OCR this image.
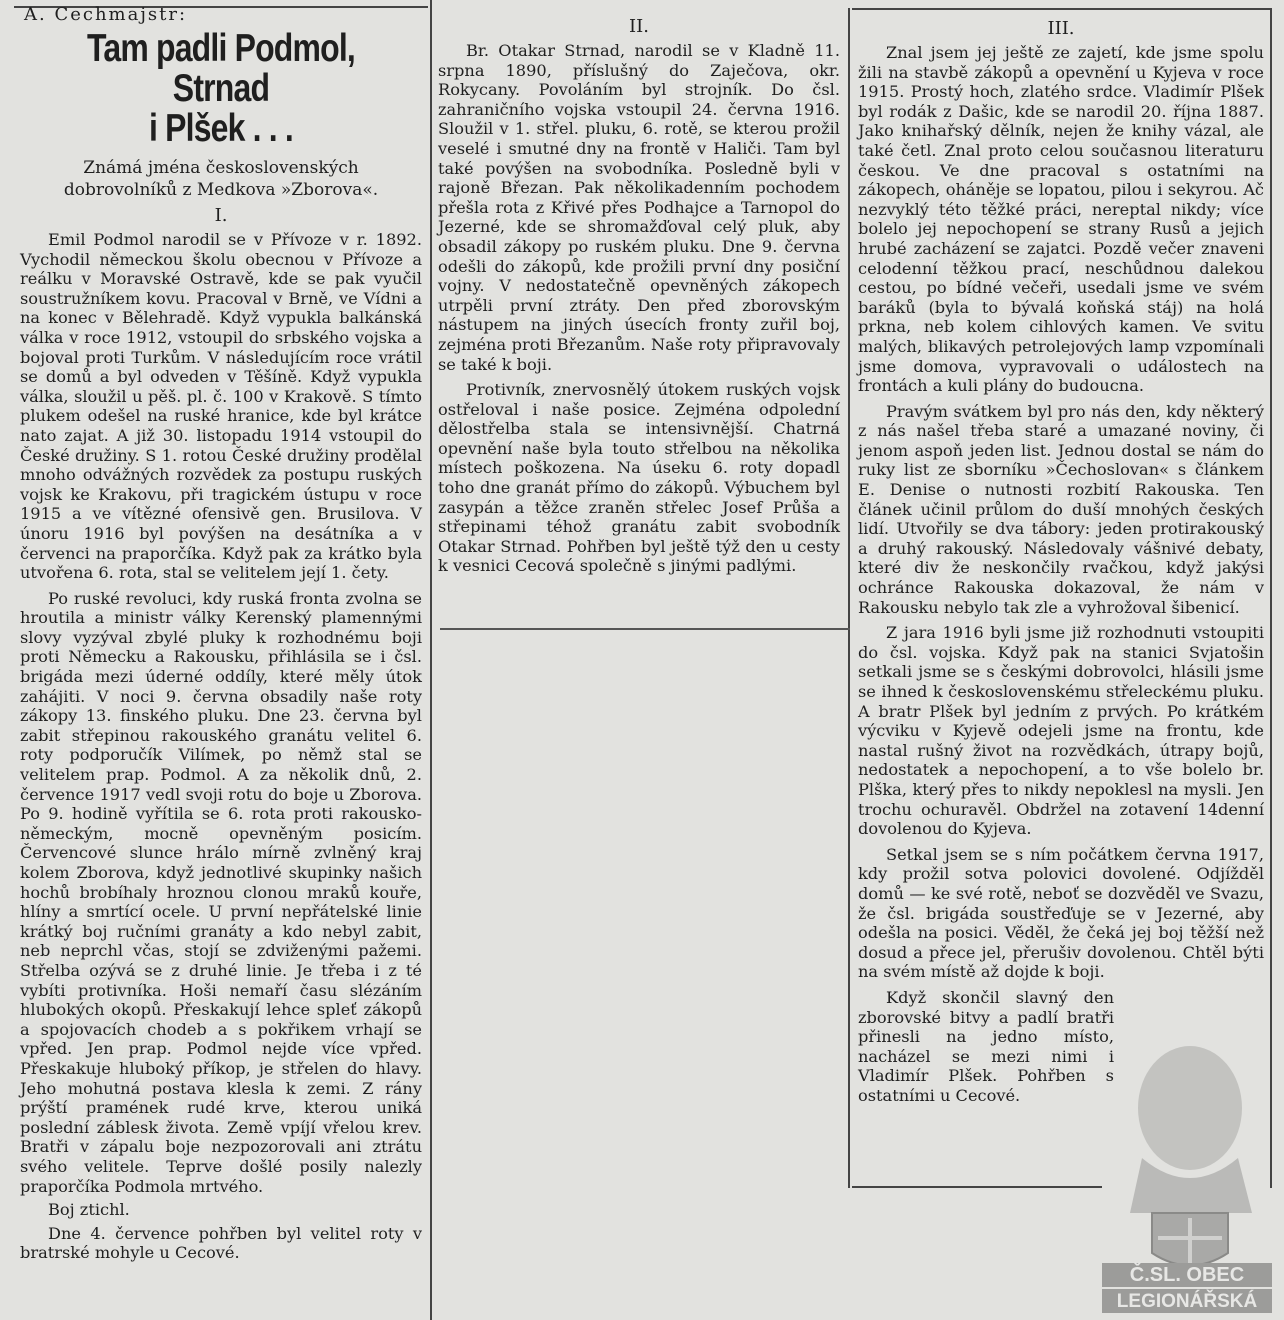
A. Cechmajstr:
Tam padli Podmol, Strnad
i Plšek . . .
Známá jména československých dobrovolníků z Medkova »Zborova«.
I.

Emil Podmol narodil se v Přívoze v r. 1892. Vychodil německou školu obecnou v Přívoze a reálku v Moravské Ostravě, kde se pak vyučil soustružníkem kovu. Pracoval v Brně, ve Vídni a na konec v Bělehradě. Když vypukla balkánská válka v roce 1912, vstoupil do srbského vojska a bojoval proti Turkům. V následujícím roce vrátil se domů a byl odveden v Těšíně. Když vypukla válka, sloužil u pěš. pl. č. 100 v Krakově. S tímto plukem odešel na ruské hranice, kde byl krátce nato zajat. A již 30. listopadu 1914 vstoupil do České družiny. S 1. rotou České družiny prodělal mnoho odvážných rozvědek za postupu ruských vojsk ke Krakovu, při tragickém ústupu v roce 1915 a ve vítězné ofensivě gen. Brusilova. V únoru 1916 byl povýšen na desátníka a v červenci na praporčíka. Když pak za krátko byla utvořena 6. rota, stal se velitelem její 1. čety.

Po ruské revoluci, kdy ruská fronta zvolna se hroutila a ministr války Kerenský plamennými slovy vyzýval zbylé pluky k rozhodnému boji proti Německu a Rakousku, přihlásila se i čsl. brigáda mezi úderné oddíly, které měly útok zahájiti. V noci 9. června obsadily naše roty zákopy 13. finského pluku. Dne 23. června byl zabit střepinou rakouského granátu velitel 6. roty podporučík Vilímek, po němž stal se velitelem prap. Podmol. A za několik dnů, 2. července 1917 vedl svoji rotu do boje u Zborova. Po 9. hodině vyřítila se 6. rota proti rakousko-německým, mocně opevněným posicím. Červencové slunce hrálo mírně zvlněný kraj kolem Zborova, když jednotlivé skupinky našich hochů brobíhaly hroznou clonou mraků kouře, hlíny a smrtící ocele. U první nepřátelské linie krátký boj ručními granáty a kdo nebyl zabit, neb neprchl včas, stojí se zdviženými pažemi. Střelba ozývá se z druhé linie. Je třeba i z té vybíti protivníka. Hoši nemaří času slézáním hlubokých okopů. Přeskakují lehce spleť zákopů a spojovacích chodeb a s pokřikem vrhají se vpřed. Jen prap. Podmol nejde více vpřed. Přeskakuje hluboký příkop, je střelen do hlavy. Jeho mohutná postava klesla k zemi. Z rány prýští pramének rudé krve, kterou uniká poslední záblesk života. Země vpíjí vřelou krev. Bratři v zápalu boje nezpozorovali ani ztrátu svého velitele. Teprve došlé posily nalezly praporčíka Podmola mrtvého.

Boj ztichl.

Dne 4. července pohřben byl velitel roty v bratrské mohyle u Cecové.

II.

Br. Otakar Strnad, narodil se v Kladně 11. srpna 1890, příslušný do Zaječova, okr. Rokycany. Povoláním byl strojník. Do čsl. zahraničního vojska vstoupil 24. června 1916. Sloužil v 1. střel. pluku, 6. rotě, se kterou prožil veselé i smutné dny na frontě v Haliči. Tam byl také povýšen na svobodníka. Posledně byli v rajoně Březan. Pak několikadenním pochodem přešla rota z Křivé přes Podhajce a Tarnopol do Jezerné, kde se shromažďoval celý pluk, aby obsadil zákopy po ruském pluku. Dne 9. června odešli do zákopů, kde prožili první dny posiční vojny. V nedostatečně opevněných zákopech utrpěli první ztráty. Den před zborovským nástupem na jiných úsecích fronty zuřil boj, zejména proti Březanům. Naše roty připravovaly se také k boji.

Protivník, znervosnělý útokem ruských vojsk ostřeloval i naše posice. Zejména odpolední dělostřelba stala se intensivnější. Chatrná opevnění naše byla touto střelbou na několika místech poškozena. Na úseku 6. roty dopadl toho dne granát přímo do zákopů. Výbuchem byl zasypán a těžce zraněn střelec Josef Průša a střepinami téhož granátu zabit svobodník Otakar Strnad. Pohřben byl ještě týž den u cesty k vesnici Cecová společně s jinými padlými.

III.

Znal jsem jej ještě ze zajetí, kde jsme spolu žili na stavbě zákopů a opevnění u Kyjeva v roce 1915. Prostý hoch, zlatého srdce. Vladimír Plšek byl rodák z Dašic, kde se narodil 20. října 1887. Jako knihařský dělník, nejen že knihy vázal, ale také četl. Znal proto celou současnou literaturu českou. Ve dne pracoval s ostatními na zákopech, oháněje se lopatou, pilou i sekyrou. Ač nezvyklý této těžké práci, nereptal nikdy; více bolelo jej nepochopení se strany Rusů a jejich hrubé zacházení se zajatci. Pozdě večer znaveni celodenní těžkou prací, neschůdnou dalekou cestou, po bídné večeři, usedali jsme ve svém baráků (byla to bývalá koňská stáj) na holá prkna, neb kolem cihlových kamen. Ve svitu malých, blikavých petrolejových lamp vzpomínali jsme domova, vypravovali o událostech na frontách a kuli plány do budoucna.

Pravým svátkem byl pro nás den, kdy některý z nás našel třeba staré a umazané noviny, či jenom aspoň jeden list. Jednou dostal se nám do ruky list ze sborníku »Čechoslovan« s článkem E. Denise o nutnosti rozbití Rakouska. Ten článek učinil průlom do duší mnohých českých lidí. Utvořily se dva tábory: jeden protirakouský a druhý rakouský. Následovaly vášnivé debaty, které div že neskončily rvačkou, když jakýsi ochránce Rakouska dokazoval, že nám v Rakousku nebylo tak zle a vyhrožoval šibenicí.

Z jara 1916 byli jsme již rozhodnuti vstoupiti do čsl. vojska. Když pak na stanici Svjatošin setkali jsme se s českými dobrovolci, hlásili jsme se ihned k československému střeleckému pluku. A bratr Plšek byl jedním z prvých. Po krátkém výcviku v Kyjevě odejeli jsme na frontu, kde nastal rušný život na rozvědkách, útrapy bojů, nedostatek a nepochopení, a to vše bolelo br. Plška, který přes to nikdy nepoklesl na mysli. Jen trochu ochuravěl. Obdržel na zotavení 14denní dovolenou do Kyjeva.

Setkal jsem se s ním počátkem června 1917, kdy prožil sotva polovici dovolené. Odjížděl domů — ke své rotě, neboť se dozvěděl ve Svazu, že čsl. brigáda soustřeďuje se v Jezerné, aby odešla na posici. Věděl, že čeká jej boj těžší než dosud a přece jel, přerušiv dovolenou. Chtěl býti na svém místě až dojde k boji.

Když skončil slavný den zborovské bitvy a padlí bratři přinesli na jedno místo, nacházel se mezi nimi i Vladimír Plšek. Pohřben s ostatními u Cecové.

Č.SL. OBEC
LEGIONÁŘSKÁ
